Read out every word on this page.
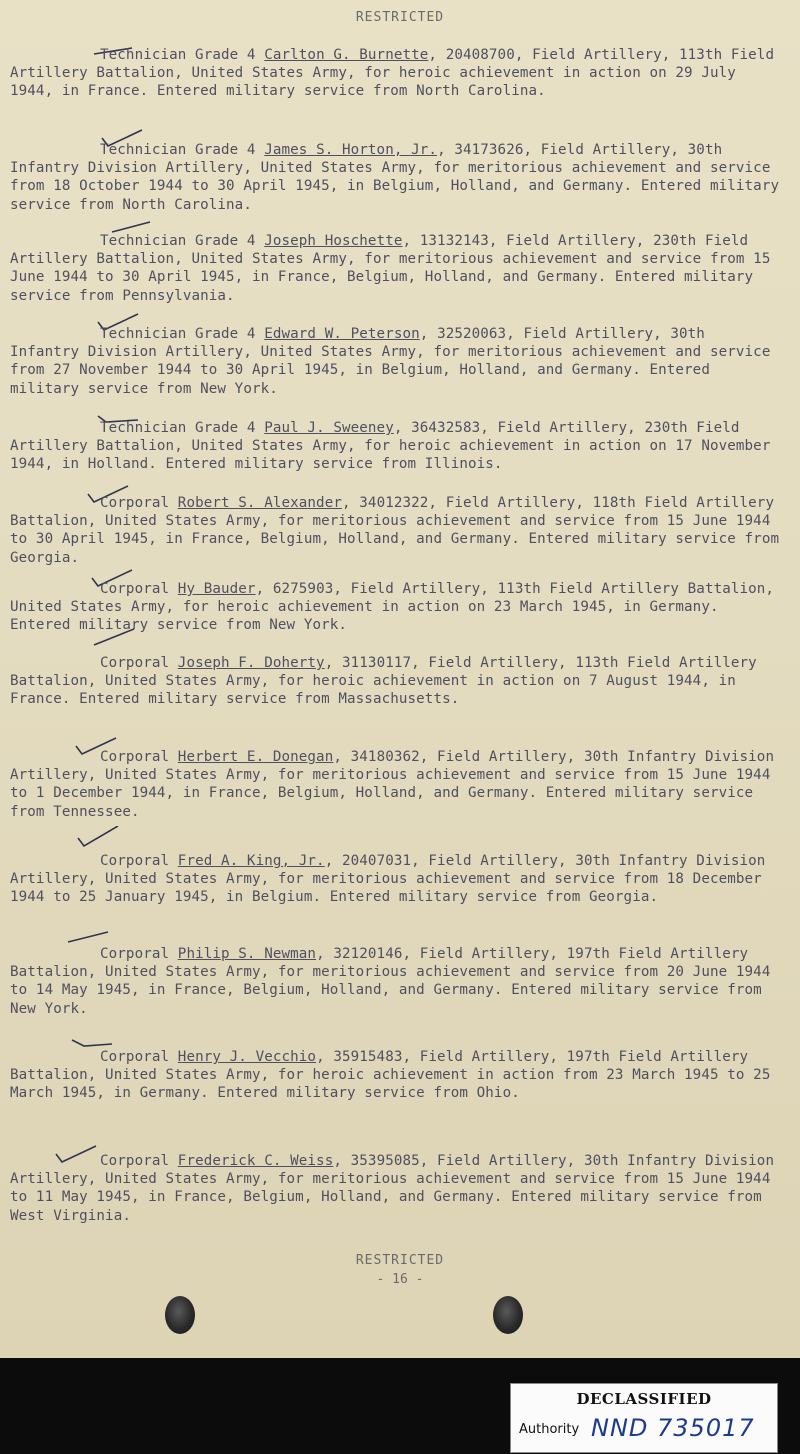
RESTRICTED

Technician Grade 4 Carlton G. Burnette, 20408700, Field Artillery, 113th Field Artillery Battalion, United States Army, for heroic achievement in action on 29 July 1944, in France. Entered military service from North Carolina.

Technician Grade 4 James S. Horton, Jr., 34173626, Field Artillery, 30th Infantry Division Artillery, United States Army, for meritorious achievement and service from 18 October 1944 to 30 April 1945, in Belgium, Holland, and Germany. Entered military service from North Carolina.

Technician Grade 4 Joseph Hoschette, 13132143, Field Artillery, 230th Field Artillery Battalion, United States Army, for meritorious achievement and service from 15 June 1944 to 30 April 1945, in France, Belgium, Holland, and Germany. Entered military service from Pennsylvania.

Technician Grade 4 Edward W. Peterson, 32520063, Field Artillery, 30th Infantry Division Artillery, United States Army, for meritorious achievement and service from 27 November 1944 to 30 April 1945, in Belgium, Holland, and Germany. Entered military service from New York.

Technician Grade 4 Paul J. Sweeney, 36432583, Field Artillery, 230th Field Artillery Battalion, United States Army, for heroic achievement in action on 17 November 1944, in Holland. Entered military service from Illinois.

Corporal Robert S. Alexander, 34012322, Field Artillery, 118th Field Artillery Battalion, United States Army, for meritorious achievement and service from 15 June 1944 to 30 April 1945, in France, Belgium, Holland, and Germany. Entered military service from Georgia.

Corporal Hy Bauder, 6275903, Field Artillery, 113th Field Artillery Battalion, United States Army, for heroic achievement in action on 23 March 1945, in Germany. Entered military service from New York.

Corporal Joseph F. Doherty, 31130117, Field Artillery, 113th Field Artillery Battalion, United States Army, for heroic achievement in action on 7 August 1944, in France. Entered military service from Massachusetts.

Corporal Herbert E. Donegan, 34180362, Field Artillery, 30th Infantry Division Artillery, United States Army, for meritorious achievement and service from 15 June 1944 to 1 December 1944, in France, Belgium, Holland, and Germany. Entered military service from Tennessee.

Corporal Fred A. King, Jr., 20407031, Field Artillery, 30th Infantry Division Artillery, United States Army, for meritorious achievement and service from 18 December 1944 to 25 January 1945, in Belgium. Entered military service from Georgia.

Corporal Philip S. Newman, 32120146, Field Artillery, 197th Field Artillery Battalion, United States Army, for meritorious achievement and service from 20 June 1944 to 14 May 1945, in France, Belgium, Holland, and Germany. Entered military service from New York.

Corporal Henry J. Vecchio, 35915483, Field Artillery, 197th Field Artillery Battalion, United States Army, for heroic achievement in action from 23 March 1945 to 25 March 1945, in Germany. Entered military service from Ohio.

Corporal Frederick C. Weiss, 35395085, Field Artillery, 30th Infantry Division Artillery, United States Army, for meritorious achievement and service from 15 June 1944 to 11 May 1945, in France, Belgium, Holland, and Germany. Entered military service from West Virginia.

RESTRICTED
- 16 -
DECLASSIFIED
Authority NND 735017
